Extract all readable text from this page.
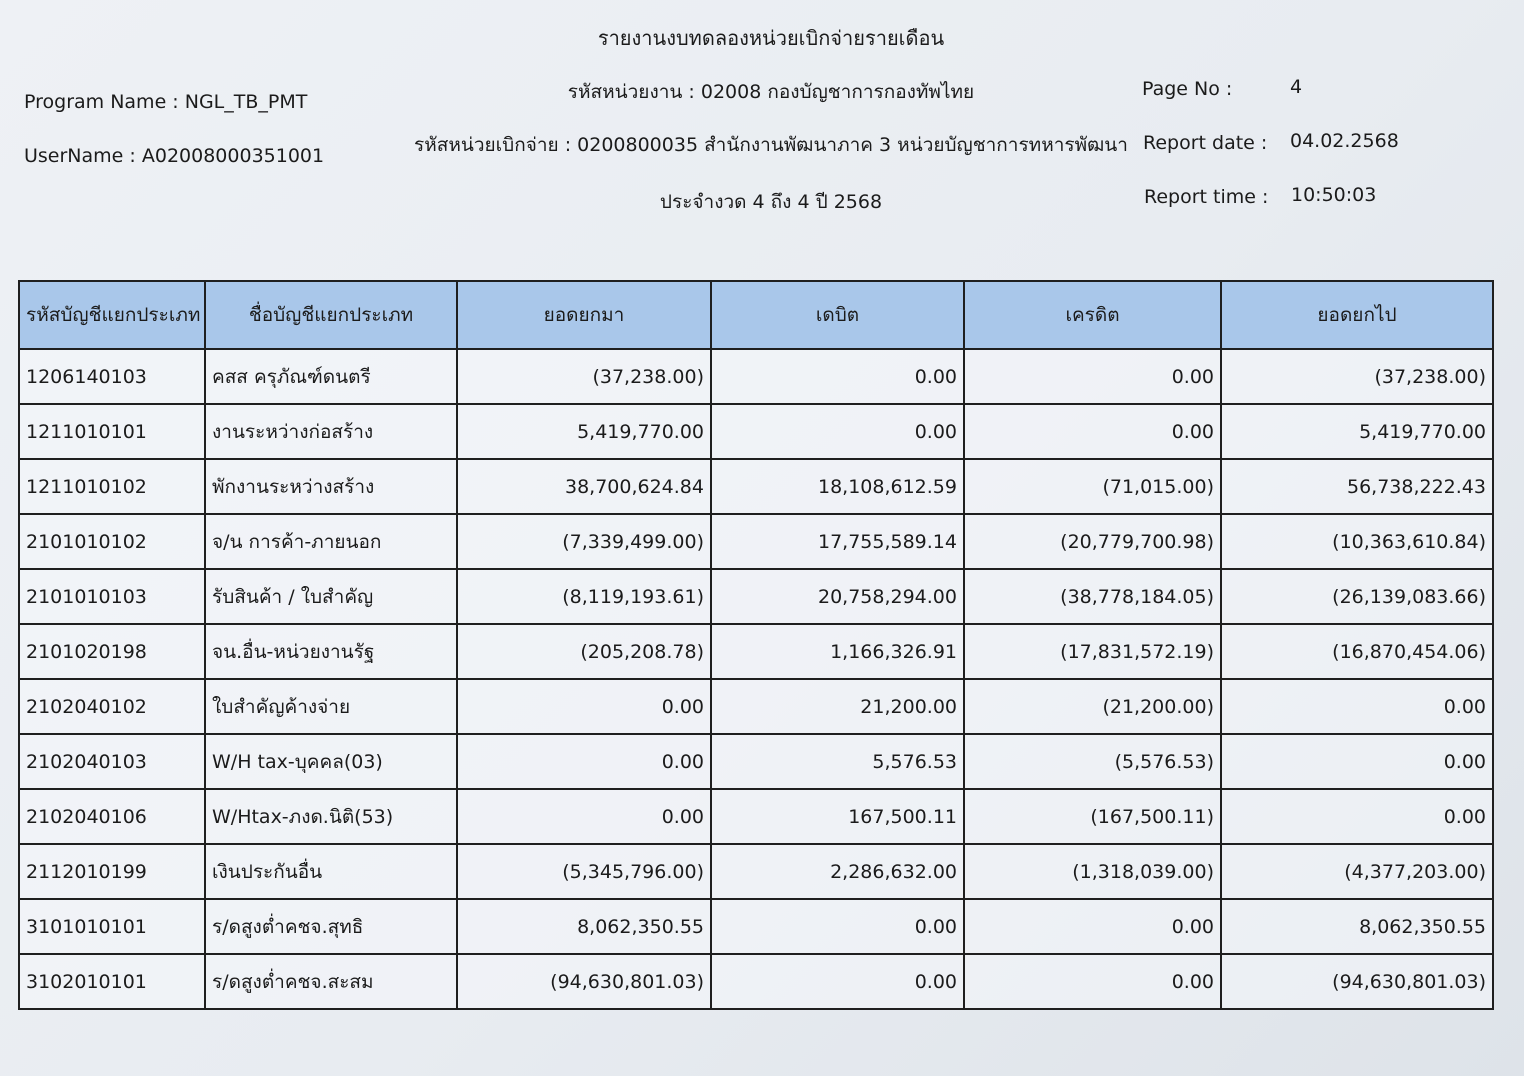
รายงานงบทดลองหน่วยเบิกจ่ายรายเดือน
รหัสหน่วยงาน : 02008 กองบัญชาการกองทัพไทย
รหัสหน่วยเบิกจ่าย : 0200800035 สำนักงานพัฒนาภาค 3 หน่วยบัญชาการทหารพัฒนา
ประจำงวด 4 ถึง 4 ปี 2568
Program Name : NGL_TB_PMT
UserName : A02008000351001
Page No :	4
Report date : 04.02.2568
Report time : 10:50:03
รหัสบัญชีแยกประเภท	ชื่อบัญชีแยกประเภท	ยอดยกมา	เดบิต	เครดิต	ยอดยกไป
1206140103	คสส ครุภัณฑ์ดนตรี	(37,238.00)	0.00	0.00	(37,238.00)
1211010101	งานระหว่างก่อสร้าง	5,419,770.00	0.00	0.00	5,419,770.00
1211010102	พักงานระหว่างสร้าง	38,700,624.84	18,108,612.59	(71,015.00)	56,738,222.43
2101010102	จ/น การค้า-ภายนอก	(7,339,499.00)	17,755,589.14	(20,779,700.98)	(10,363,610.84)
2101010103	รับสินค้า / ใบสำคัญ	(8,119,193.61)	20,758,294.00	(38,778,184.05)	(26,139,083.66)
2101020198	จน.อื่น-หน่วยงานรัฐ	(205,208.78)	1,166,326.91	(17,831,572.19)	(16,870,454.06)
2102040102	ใบสำคัญค้างจ่าย	0.00	21,200.00	(21,200.00)	0.00
2102040103	W/H tax-บุคคล(03)	0.00	5,576.53	(5,576.53)	0.00
2102040106	W/Htax-ภงด.นิติ(53)	0.00	167,500.11	(167,500.11)	0.00
2112010199	เงินประกันอื่น	(5,345,796.00)	2,286,632.00	(1,318,039.00)	(4,377,203.00)
3101010101	ร/ดสูงต่ำคชจ.สุทธิ	8,062,350.55	0.00	0.00	8,062,350.55
3102010101	ร/ดสูงต่ำคชจ.สะสม	(94,630,801.03)	0.00	0.00	(94,630,801.03)
